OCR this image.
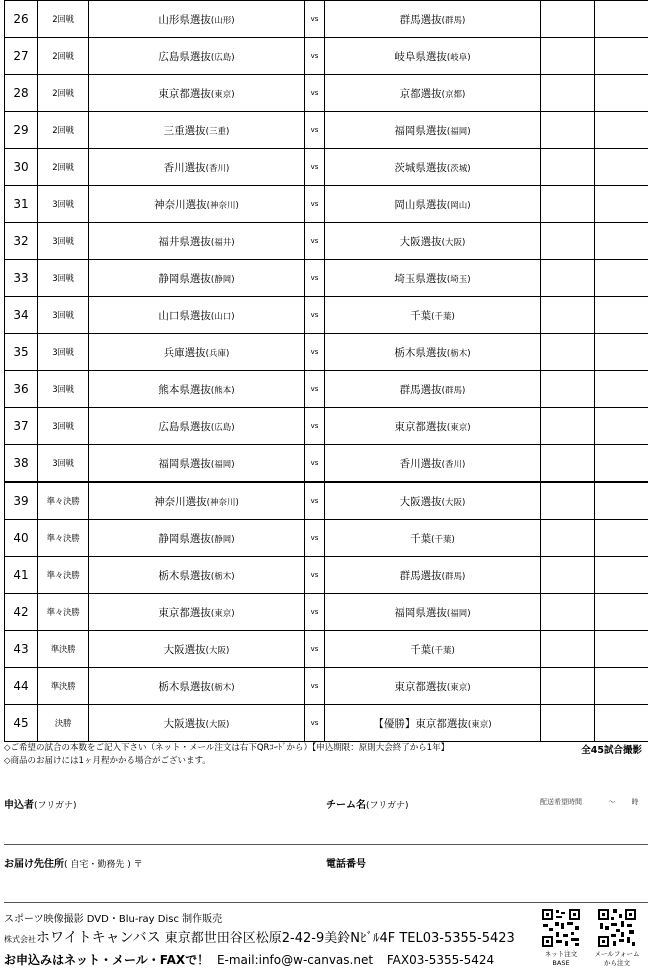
26	2回戦	山形県選抜(山形)	vs	群馬選抜(群馬)		
27	2回戦	広島県選抜(広島)	vs	岐阜県選抜(岐阜)		
28	2回戦	東京都選抜(東京)	vs	京都選抜(京都)		
29	2回戦	三重選抜(三重)	vs	福岡県選抜(福岡)		
30	2回戦	香川選抜(香川)	vs	茨城県選抜(茨城)		
31	3回戦	神奈川選抜(神奈川)	vs	岡山県選抜(岡山)		
32	3回戦	福井県選抜(福井)	vs	大阪選抜(大阪)		
33	3回戦	静岡県選抜(静岡)	vs	埼玉県選抜(埼玉)		
34	3回戦	山口県選抜(山口)	vs	千葉(千葉)		
35	3回戦	兵庫選抜(兵庫)	vs	栃木県選抜(栃木)		
36	3回戦	熊本県選抜(熊本)	vs	群馬選抜(群馬)		
37	3回戦	広島県選抜(広島)	vs	東京都選抜(東京)		
38	3回戦	福岡県選抜(福岡)	vs	香川選抜(香川)		
39	準々決勝	神奈川選抜(神奈川)	vs	大阪選抜(大阪)		
40	準々決勝	静岡県選抜(静岡)	vs	千葉(千葉)		
41	準々決勝	栃木県選抜(栃木)	vs	群馬選抜(群馬)		
42	準々決勝	東京都選抜(東京)	vs	福岡県選抜(福岡)		
43	準決勝	大阪選抜(大阪)	vs	千葉(千葉)		
44	準決勝	栃木県選抜(栃木)	vs	東京都選抜(東京)		
45	決勝	大阪選抜(大阪)	vs	【優勝】東京都選抜(東京)		
◇ご希望の試合の本数をご記入下さい（ネット・メール注文は右下QRｺｰﾄﾞから）【申込期限：原則大会終了から1年】
◇商品のお届けには1ヶ月程かかる場合がございます。
全45試合撮影
申込者(フリガナ)	チーム名(フリガナ)	配送希望時間	～ 時
お届け先住所( 自宅・勤務先 ) 〒	電話番号
スポーツ映像撮影 DVD・Blu-ray Disc 制作販売
株式会社ホワイトキャンバス 東京都世田谷区松原2-42-9美鈴Nﾋﾞﾙ4F TEL03-5355-5423
お申込みはネット・メール・FAXで！ E-mail:info@w-canvas.net FAX03-5355-5424	ネット注文
BASE
メールフォーム
から注文
